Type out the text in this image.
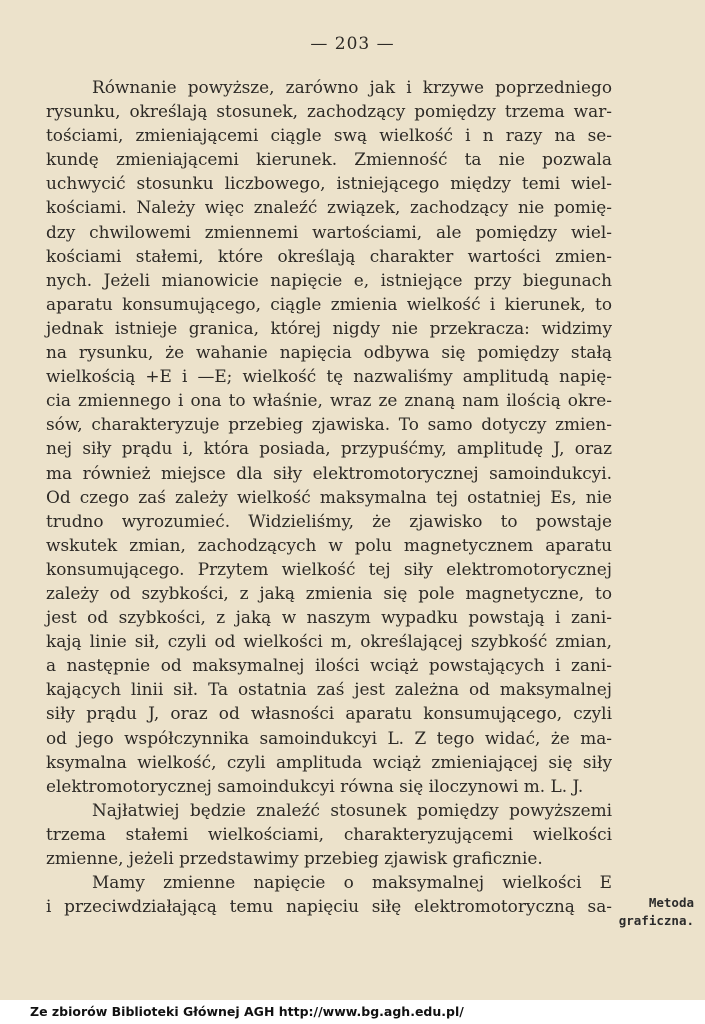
— 203 —
Równanie powyższe, zarówno jak i krzywe poprzedniego
rysunku, określają stosunek, zachodzący pomiędzy trzema war-
tościami, zmieniającemi ciągle swą wielkość i n razy na se-
kundę zmieniającemi kierunek. Zmienność ta nie pozwala
uchwycić stosunku liczbowego, istniejącego między temi wiel-
kościami. Należy więc znaleźć związek, zachodzący nie pomię-
dzy chwilowemi zmiennemi wartościami, ale pomiędzy wiel-
kościami stałemi, które określają charakter wartości zmien-
nych. Jeżeli mianowicie napięcie e, istniejące przy biegunach
aparatu konsumującego, ciągle zmienia wielkość i kierunek, to
jednak istnieje granica, której nigdy nie przekracza: widzimy
na rysunku, że wahanie napięcia odbywa się pomiędzy stałą
wielkością +E i —E; wielkość tę nazwaliśmy amplitudą napię-
cia zmiennego i ona to właśnie, wraz ze znaną nam ilością okre-
sów, charakteryzuje przebieg zjawiska. To samo dotyczy zmien-
nej siły prądu i, która posiada, przypuśćmy, amplitudę J, oraz
ma również miejsce dla siły elektromotorycznej samoindukcyi.
Od czego zaś zależy wielkość maksymalna tej ostatniej Es, nie
trudno wyrozumieć. Widzieliśmy, że zjawisko to powstaje
wskutek zmian, zachodzących w polu magnetycznem aparatu
konsumującego. Przytem wielkość tej siły elektromotorycznej
zależy od szybkości, z jaką zmienia się pole magnetyczne, to
jest od szybkości, z jaką w naszym wypadku powstają i zani-
kają linie sił, czyli od wielkości m, określającej szybkość zmian,
a następnie od maksymalnej ilości wciąż powstających i zani-
kających linii sił. Ta ostatnia zaś jest zależna od maksymalnej
siły prądu J, oraz od własności aparatu konsumującego, czyli
od jego współczynnika samoindukcyi L. Z tego widać, że ma-
ksymalna wielkość, czyli amplituda wciąż zmieniającej się siły
elektromotorycznej samoindukcyi równa się iloczynowi m. L. J.
Najłatwiej będzie znaleźć stosunek pomiędzy powyższemi
trzema stałemi wielkościami, charakteryzującemi wielkości
zmienne, jeżeli przedstawimy przebieg zjawisk graficznie.
Mamy zmienne napięcie o maksymalnej wielkości E
i przeciwdziałającą temu napięciu siłę elektromotoryczną sa-	Metoda
graficzna.
Ze zbiorów Biblioteki Głównej AGH http://www.bg.agh.edu.pl/
